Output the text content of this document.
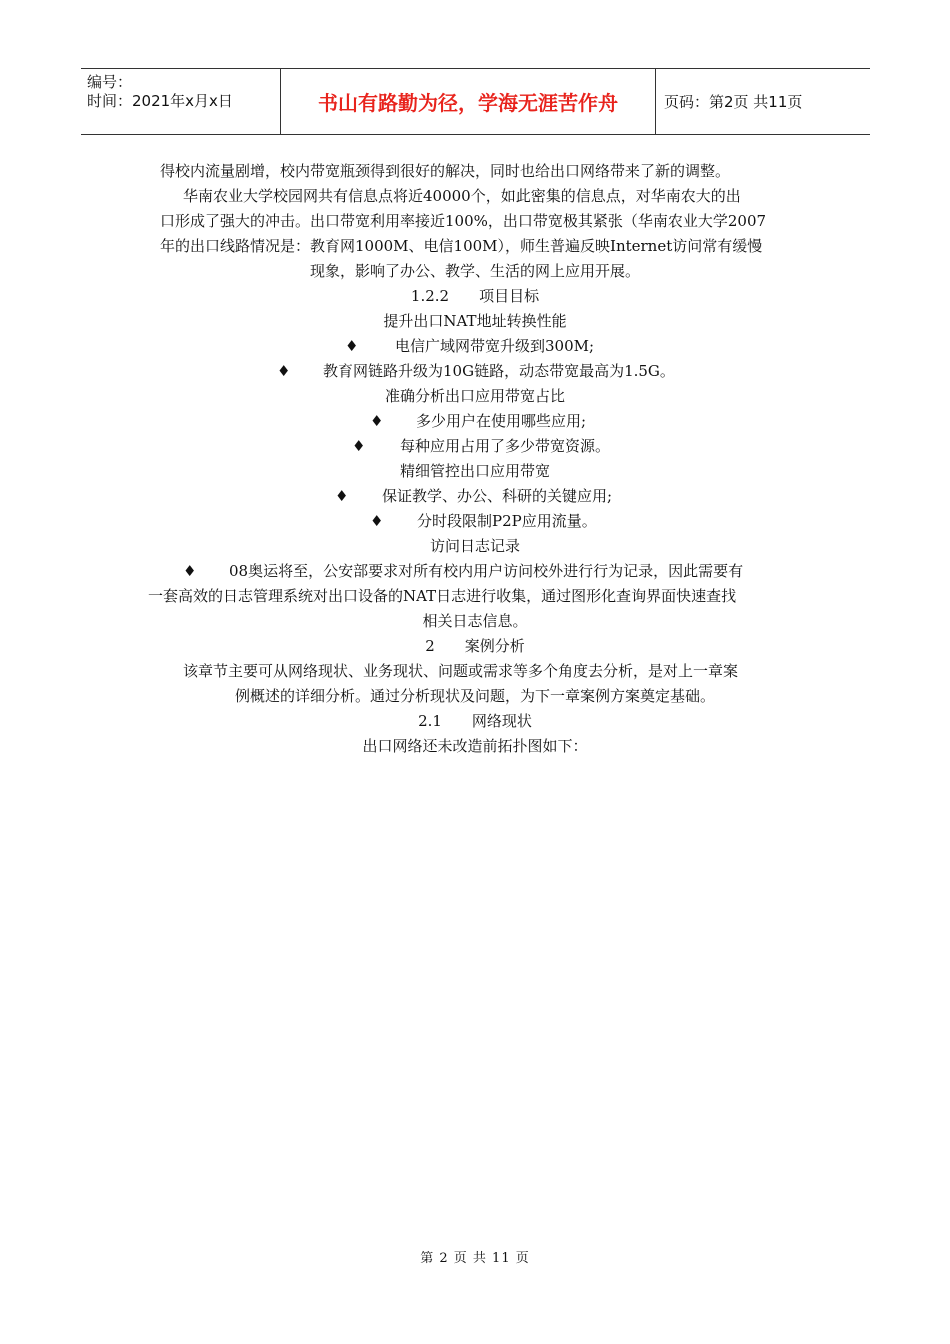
编号：
时间：2021年x月x日	书山有路勤为径，学海无涯苦作舟	页码：第2页 共11页
得校内流量剧增，校内带宽瓶颈得到很好的解决，同时也给出口网络带来了新的调整。
华南农业大学校园网共有信息点将近40000个，如此密集的信息点，对华南农大的出
口形成了强大的冲击。出口带宽利用率接近100%，出口带宽极其紧张（华南农业大学2007
年的出口线路情况是：教育网1000M、电信100M），师生普遍反映Internet访问常有缓慢
现象，影响了办公、教学、生活的网上应用开展。
1.2.2　　项目目标
提升出口NAT地址转换性能
♦ 电信广域网带宽升级到300M;
♦ 教育网链路升级为10G链路，动态带宽最高为1.5G。
准确分析出口应用带宽占比
♦ 多少用户在使用哪些应用;
♦ 每种应用占用了多少带宽资源。
精细管控出口应用带宽
♦ 保证教学、办公、科研的关键应用;
♦ 分时段限制P2P应用流量。
访问日志记录
♦ 08奥运将至，公安部要求对所有校内用户访问校外进行行为记录，因此需要有
一套高效的日志管理系统对出口设备的NAT日志进行收集，通过图形化查询界面快速查找
相关日志信息。
2　　案例分析
该章节主要可从网络现状、业务现状、问题或需求等多个角度去分析，是对上一章案
例概述的详细分析。通过分析现状及问题，为下一章案例方案奠定基础。
2.1　　网络现状
出口网络还未改造前拓扑图如下：
第 2 页 共 11 页
